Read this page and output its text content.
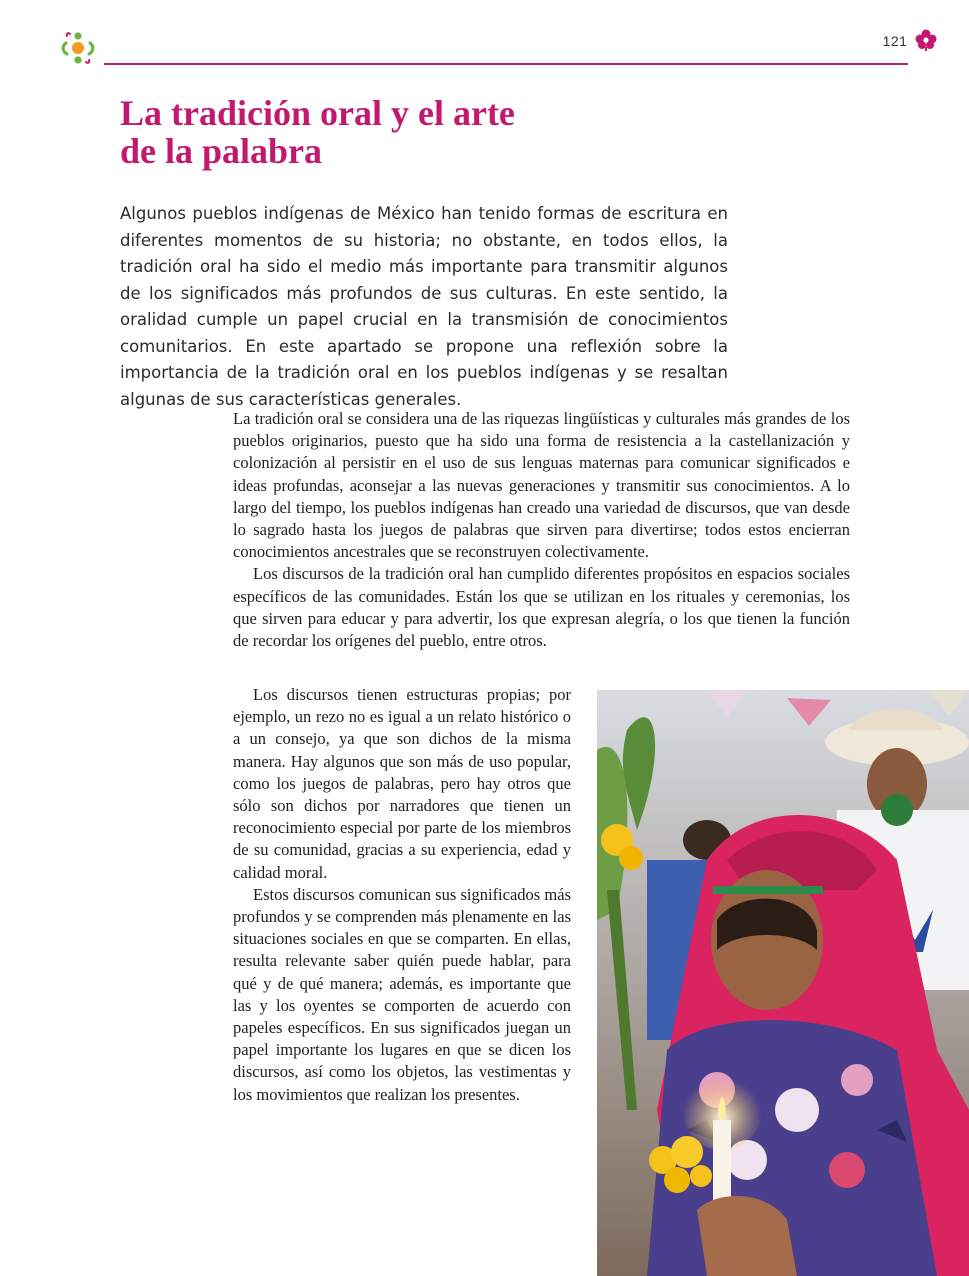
121
La tradición oral y el arte
de la palabra

Algunos pueblos indígenas de México han tenido formas de escritura en diferentes momentos de su historia; no obstante, en todos ellos, la tradición oral ha sido el medio más importante para transmitir algunos de los significados más profundos de sus culturas. En este sentido, la oralidad cumple un papel crucial en la transmisión de conocimientos comunitarios. En este apartado se propone una reflexión sobre la importancia de la tradición oral en los pueblos indígenas y se resaltan algunas de sus características generales.

La tradición oral se considera una de las riquezas lingüísticas y culturales más grandes de los pueblos originarios, puesto que ha sido una forma de resistencia a la castellanización y colonización al persistir en el uso de sus lenguas maternas para comunicar significados e ideas profundas, aconsejar a las nuevas generaciones y transmitir sus conocimientos. A lo largo del tiempo, los pueblos indígenas han creado una variedad de discursos, que van desde lo sagrado hasta los juegos de palabras que sirven para divertirse; todos estos encierran conocimientos ancestrales que se reconstruyen colectivamente.

Los discursos de la tradición oral han cumplido diferentes propósitos en espacios sociales específicos de las comunidades. Están los que se utilizan en los rituales y ceremonias, los que sirven para educar y para advertir, los que expresan alegría, o los que tienen la función de recordar los orígenes del pueblo, entre otros.

Los discursos tienen estructuras propias; por ejemplo, un rezo no es igual a un relato histórico o a un consejo, ya que son dichos de la misma manera. Hay algunos que son más de uso popular, como los juegos de palabras, pero hay otros que sólo son dichos por narradores que tienen un reconocimiento especial por parte de los miembros de su comunidad, gracias a su experiencia, edad y calidad moral.

Estos discursos comunican sus significados más profundos y se comprenden más plenamente en las situaciones sociales en que se comparten. En ellas, resulta relevante saber quién puede hablar, para qué y de qué manera; además, es importante que las y los oyentes se comporten de acuerdo con papeles específicos. En sus significados juegan un papel importante los lugares en que se dicen los discursos, así como los objetos, las vestimentas y los movimientos que realizan los presentes.
